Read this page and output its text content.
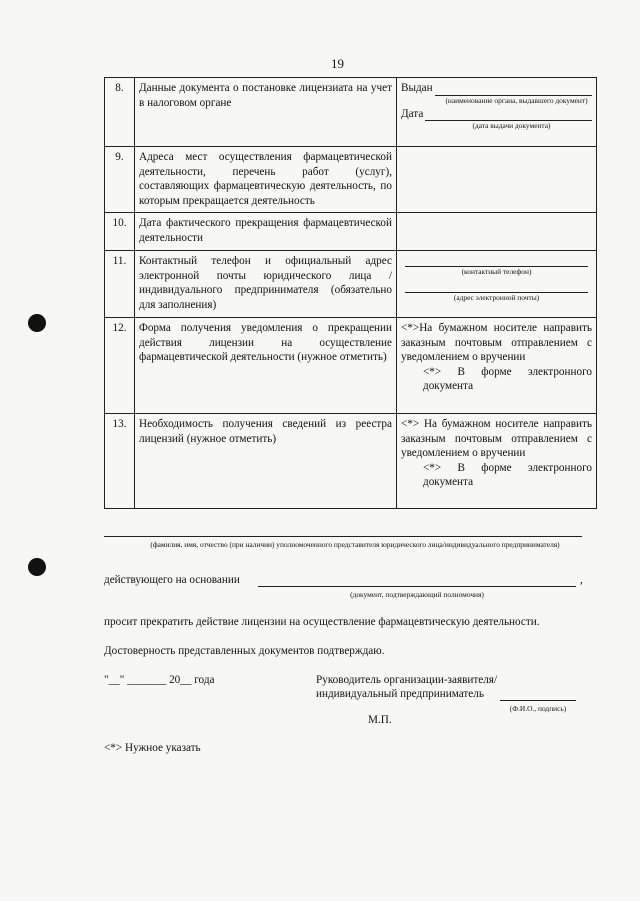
19
8.	Данные документа о постановке лицензиата на учет в налоговом органе	Выдан
(наименование органа, выдавшего документ)
Дата
(дата выдачи документа)

9.	Адреса мест осуществления фармацевтической деятельности, перечень работ (услуг), составляющих фармацевтическую деятельность, по которым прекращается деятельность	
10.	Дата фактического прекращения фармацевтической деятельности	
11.	Контактный телефон и официальный адрес электронной почты юридического лица /индивидуального предпринимателя (обязательно для заполнения)	(контактный телефон)
(адрес электронной почты)

12.	Форма получения уведомления о прекращении действия лицензии на осуществление фармацевтической деятельности (нужное отметить)	<*>На бумажном носителе направить заказным почтовым отправлением с уведомлением о вручении
<*> В форме электронного документа

13.	Необходимость получения сведений из реестра лицензий (нужное отметить)	<*> На бумажном носителе направить заказным почтовым отправлением с уведомлением о вручении
<*> В форме электронного документа
(фамилия, имя, отчество (при наличии) уполномоченного представителя юридического лица/индивидуального предпринимателя)
действующего на основании	,
(документ, подтверждающий полномочия)
просит прекратить действие лицензии на осуществление фармацевтическую деятельности.
Достоверность представленных документов подтверждаю.
"__" _______ 20__ года	Руководитель организации-заявителя/
индивидуальный предприниматель
(Ф.И.О., подпись)
М.П.
<*> Нужное указать
